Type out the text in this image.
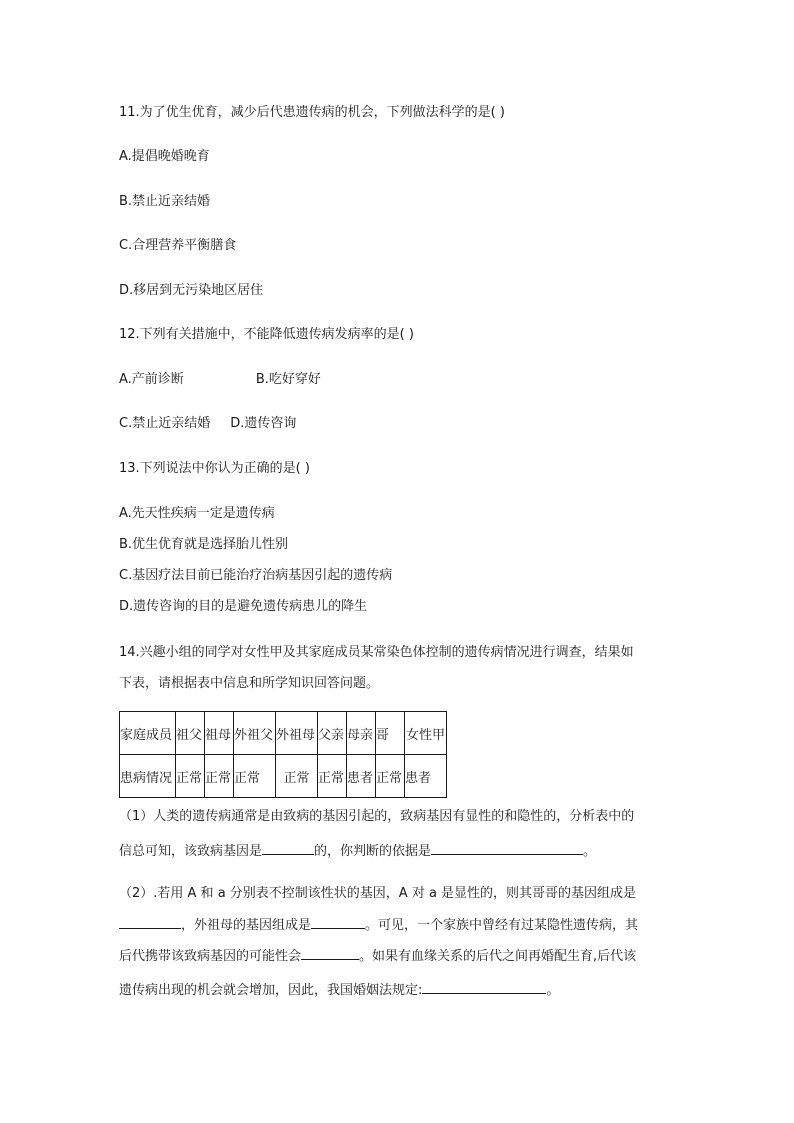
11.为了优生优育，减少后代患遗传病的机会，下列做法科学的是( )
A.提倡晚婚晚育
B.禁止近亲结婚
C.合理营养平衡膳食
D.移居到无污染地区居住
12.下列有关措施中，不能降低遗传病发病率的是( )
A.产前诊断	B.吃好穿好
C.禁止近亲结婚 D.遗传咨询
13.下列说法中你认为正确的是( )
A.先天性疾病一定是遗传病
B.优生优育就是选择胎儿性别
C.基因疗法目前已能治疗治病基因引起的遗传病
D.遗传咨询的目的是避免遗传病患儿的降生
14.兴趣小组的同学对女性甲及其家庭成员某常染色体控制的遗传病情况进行调查，结果如
下表，请根据表中信息和所学知识回答问题。
家庭成员	祖父	祖母	外祖父	外祖母	父亲	母亲	哥	女性甲
患病情况	正常	正常	正常	正常	正常	患者	正常	患者
（1）人类的遗传病通常是由致病的基因引起的，致病基因有显性的和隐性的，分析表中的
信总可知，该致病基因是	的，你判断的依据是	。
（2）.若用 A 和 a 分别表不控制该性状的基因，A 对 a 是显性的，则其哥哥的基因组成是
，外祖母的基因组成是	。可见，一个家族中曾经有过某隐性遗传病，其
后代携带该致病基因的可能性会	。如果有血缘关系的后代之间再婚配生育,后代该
遗传病出现的机会就会增加，因此，我国婚姻法规定:	。
